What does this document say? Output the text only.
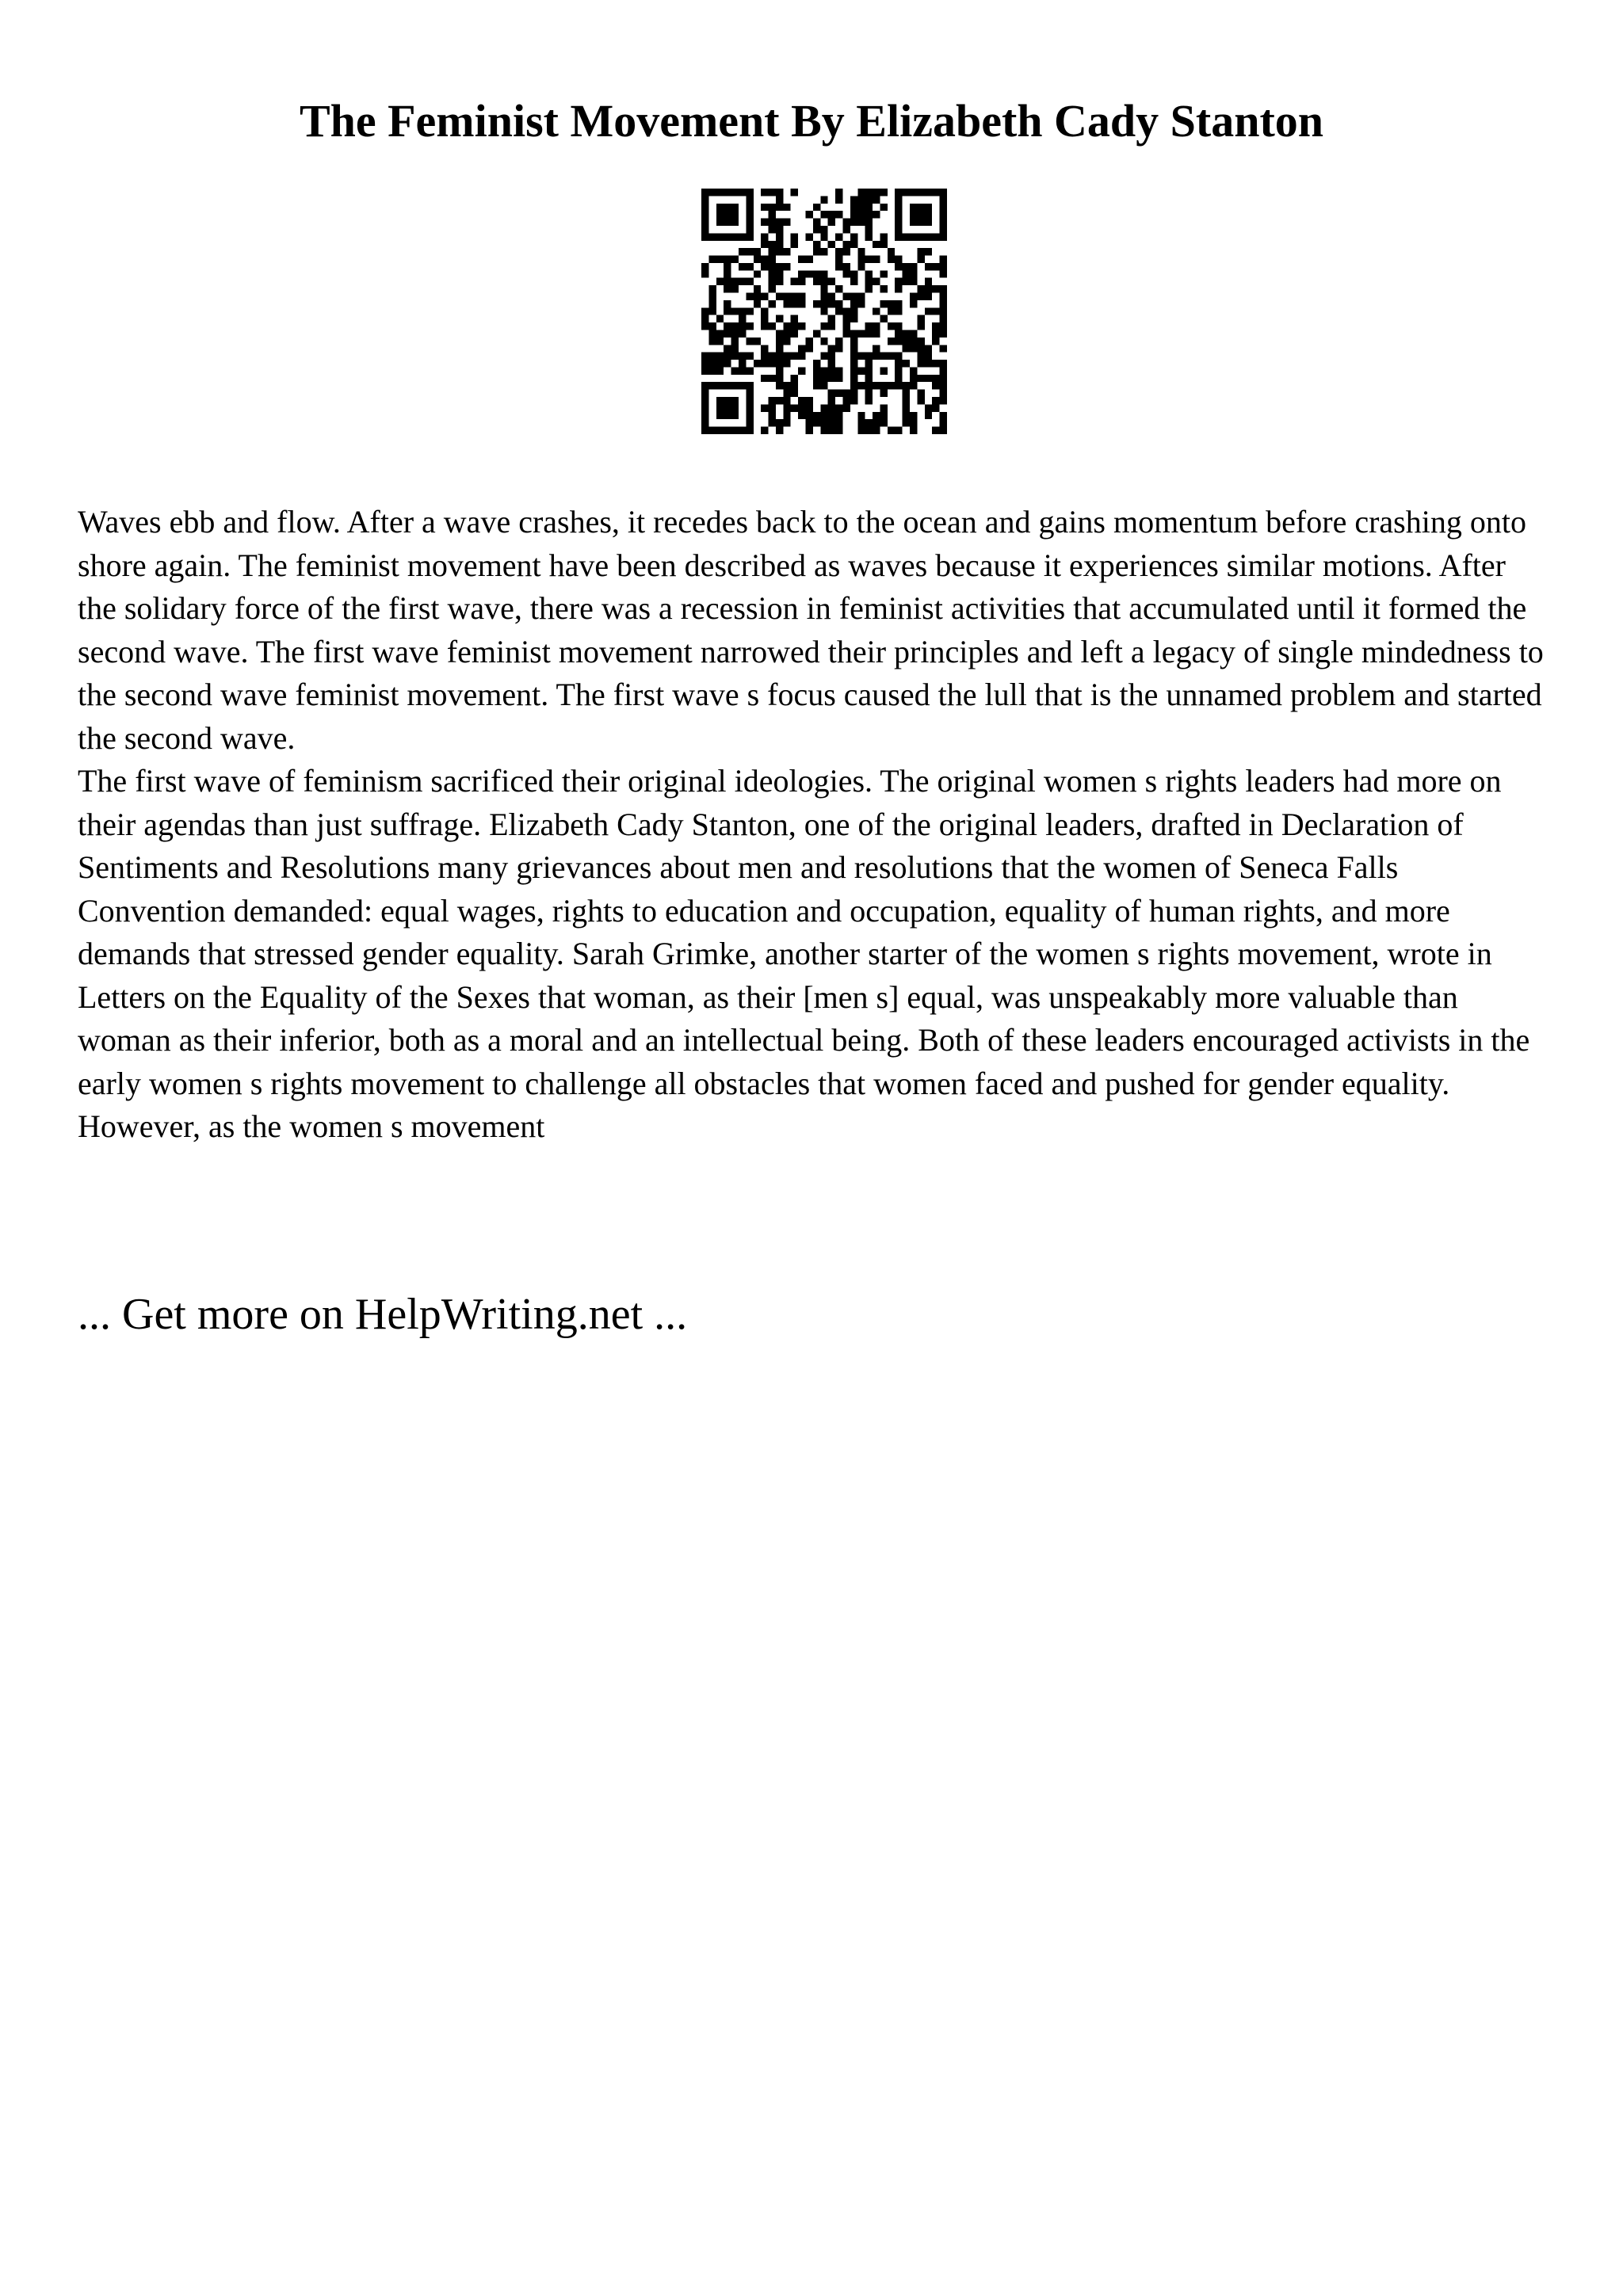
The Feminist Movement By Elizabeth Cady Stanton

Waves ebb and flow. After a wave crashes, it recedes back to the ocean and gains momentum before crashing onto shore again. The feminist movement have been described as waves because it experiences similar motions. After the solidary force of the first wave, there was a recession in feminist activities that accumulated until it formed the second wave. The first wave feminist movement narrowed their principles and left a legacy of single mindedness to the second wave feminist movement. The first wave s focus caused the lull that is the unnamed problem and started the second wave.

The first wave of feminism sacrificed their original ideologies. The original women s rights leaders had more on their agendas than just suffrage. Elizabeth Cady Stanton, one of the original leaders, drafted in Declaration of Sentiments and Resolutions many grievances about men and resolutions that the women of Seneca Falls Convention demanded: equal wages, rights to education and occupation, equality of human rights, and more demands that stressed gender equality. Sarah Grimke, another starter of the women s rights movement, wrote in Letters on the Equality of the Sexes that woman, as their [men s] equal, was unspeakably more valuable than woman as their inferior, both as a moral and an intellectual being. Both of these leaders encouraged activists in the early women s rights movement to challenge all obstacles that women faced and pushed for gender equality. However, as the women s movement

... Get more on HelpWriting.net ...
